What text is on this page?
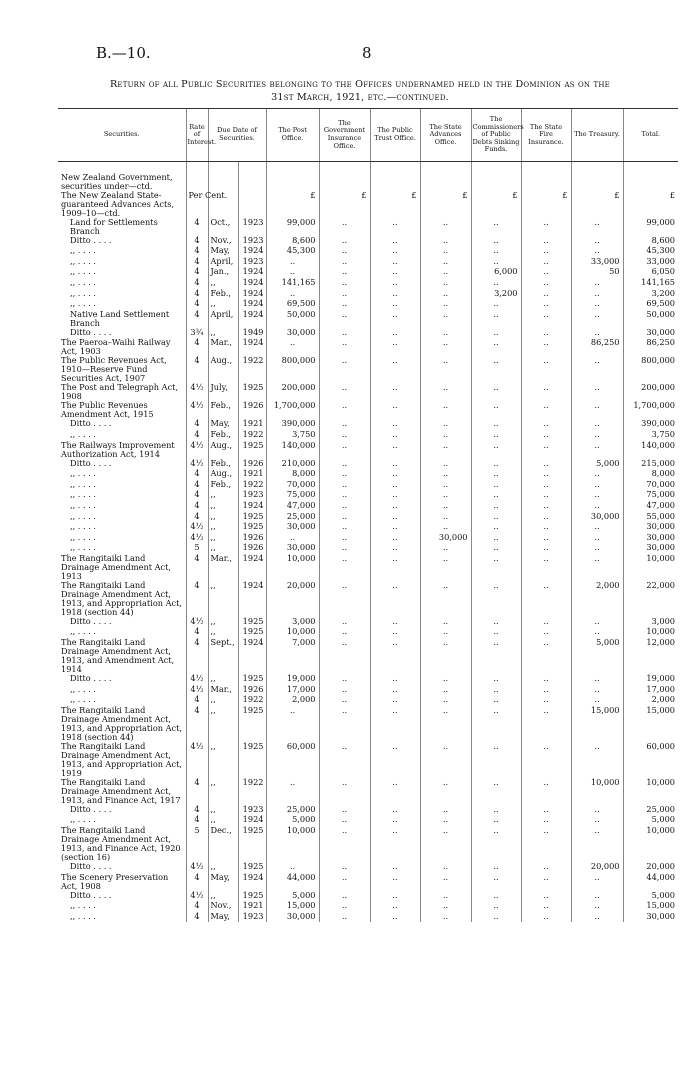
B.—10.	8
Return of all Public Securities belonging to the Offices undernamed held in the Dominion as on the
31st March, 1921, etc.—continued.
Securities.	Rate of Interest.	Due Date of Securities.		The Post Office.	The Government Insurance Office.	The Public Trust Office.	The State Advances Office.	The Commissioners of Public Debts Sinking Funds.	The State Fire Insurance.	The Treasury.	Total.

New Zealand Government, securities under—ctd.											
The New Zealand State-guaranteed Advances Acts, 1909–10—ctd.	Per Cent.			£	£	£	£	£	£	£	£
Land for Settlements Branch	4	Oct.,	1923	99,000	..	..	..	..	..	..	99,000
Ditto . . . .	4	Nov.,	1923	8,600	..	..	..	..	..	..	8,600
,, . . . .	4	May,	1924	45,300	..	..	..	..	..	..	45,300
,, . . . .	4	April,	1923	..	..	..	..	..	..	33,000	33,000
,, . . . .	4	Jan.,	1924	..	..	..	..	6,000	..	50	6,050
,, . . . .	4	,,	1924	141,165	..	..	..	..	..	..	141,165
,, . . . .	4	Feb.,	1924	..	..	..	..	3,200	..	..	3,200
,, . . . .	4	,,	1924	69,500	..	..	..	..	..	..	69,500
Native Land Settlement Branch	4	April,	1924	50,000	..	..	..	..	..	..	50,000
Ditto . . . .	3¾	,,	1949	30,000	..	..	..	..	..	..	30,000
The Paeroa–Waihi Railway Act, 1903	4	Mar.,	1924	..	..	..	..	..	..	86,250	86,250
The Public Revenues Act, 1910—Reserve Fund Securities Act, 1907	4	Aug.,	1922	800,000	..	..	..	..	..	..	800,000
The Post and Telegraph Act, 1908	4½	July,	1925	200,000	..	..	..	..	..	..	200,000
The Public Revenues Amendment Act, 1915	4½	Feb.,	1926	1,700,000	..	..	..	..	..	..	1,700,000
Ditto . . . .	4	May,	1921	390,000	..	..	..	..	..	..	390,000
,, . . . .	4	Feb.,	1922	3,750	..	..	..	..	..	..	3,750
The Railways Improvement Authorization Act, 1914	4½	Aug.,	1925	140,000	..	..	..	..	..	..	140,000
Ditto . . . .	4½	Feb.,	1926	210,000	..	..	..	..	..	5,000	215,000
,, . . . .	4	Aug.,	1921	8,000	..	..	..	..	..	..	8,000
,, . . . .	4	Feb.,	1922	70,000	..	..	..	..	..	..	70,000
,, . . . .	4	,,	1923	75,000	..	..	..	..	..	..	75,000
,, . . . .	4	,,	1924	47,000	..	..	..	..	..	..	47,000
,, . . . .	4	,,	1925	25,000	..	..	..	..	..	30,000	55,000
,, . . . .	4½	,,	1925	30,000	..	..	..	..	..	..	30,000
,, . . . .	4½	,,	1926	..	..	..	30,000	..	..	..	30,000
,, . . . .	5	,,	1926	30,000	..	..	..	..	..	..	30,000
The Rangitaiki Land Drainage Amendment Act, 1913	4	Mar.,	1924	10,000	..	..	..	..	..	..	10,000
The Rangitaiki Land Drainage Amendment Act, 1913, and Appropriation Act, 1918 (section 44)	4	,,	1924	20,000	..	..	..	..	..	2,000	22,000
Ditto . . . .	4½	,,	1925	3,000	..	..	..	..	..	..	3,000
,, . . . .	4	,,	1925	10,000	..	..	..	..	..	..	10,000
The Rangitaiki Land Drainage Amendment Act, 1913, and Amendment Act, 1914	4	Sept.,	1924	7,000	..	..	..	..	..	5,000	12,000
Ditto . . . .	4½	,,	1925	19,000	..	..	..	..	..	..	19,000
,, . . . .	4½	Mar.,	1926	17,000	..	..	..	..	..	..	17,000
,, . . . .	4	,,	1922	2,000	..	..	..	..	..	..	2,000
The Rangitaiki Land Drainage Amendment Act, 1913, and Appropriation Act, 1918 (section 44)	4	,,	1925	..	..	..	..	..	..	15,000	15,000
The Rangitaiki Land Drainage Amendment Act, 1913, and Appropriation Act, 1919	4½	,,	1925	60,000	..	..	..	..	..	..	60,000
The Rangitaiki Land Drainage Amendment Act, 1913, and Finance Act, 1917	4	,,	1922	..	..	..	..	..	..	10,000	10,000
Ditto . . . .	4	,,	1923	25,000	..	..	..	..	..	..	25,000
,, . . . .	4	,,	1924	5,000	..	..	..	..	..	..	5,000
The Rangitaiki Land Drainage Amendment Act, 1913, and Finance Act, 1920 (section 16)	5	Dec.,	1925	10,000	..	..	..	..	..	..	10,000
Ditto . . . .	4½	,,	1925	..	..	..	..	..	..	20,000	20,000
The Scenery Preservation Act, 1908	4	May,	1924	44,000	..	..	..	..	..	..	44,000
Ditto . . . .	4½	,,	1925	5,000	..	..	..	..	..	..	5,000
,, . . . .	4	Nov.,	1921	15,000	..	..	..	..	..	..	15,000
,, . . . .	4	May,	1923	30,000	..	..	..	..	..	..	30,000
